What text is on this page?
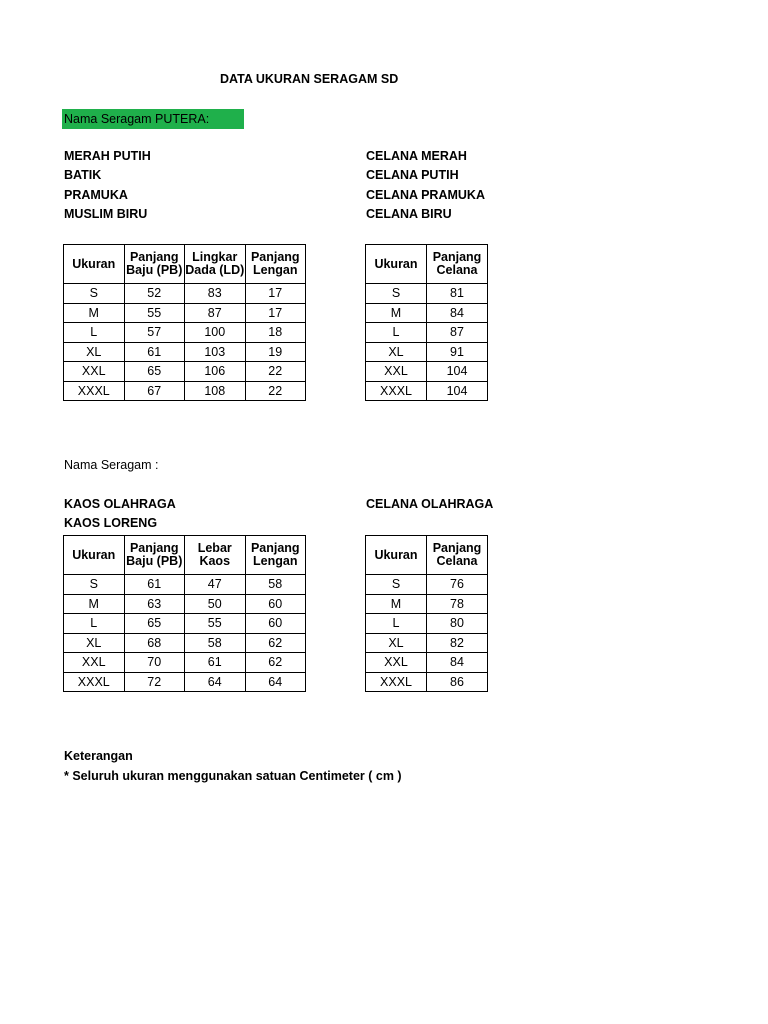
DATA UKURAN SERAGAM SD
Nama Seragam PUTERA:
MERAH PUTIH
BATIK
PRAMUKA
MUSLIM BIRU
CELANA MERAH
CELANA PUTIH
CELANA PRAMUKA
CELANA BIRU
Ukuran	Panjang Baju (PB)	Lingkar Dada (LD)	Panjang Lengan
S	52	83	17
M	55	87	17
L	57	100	18
XL	61	103	19
XXL	65	106	22
XXXL	67	108	22
Ukuran	Panjang Celana
S	81
M	84
L	87
XL	91
XXL	104
XXXL	104
Nama Seragam :
KAOS OLAHRAGA
KAOS LORENG
CELANA OLAHRAGA
Ukuran	Panjang Baju (PB)	Lebar Kaos	Panjang Lengan
S	61	47	58
M	63	50	60
L	65	55	60
XL	68	58	62
XXL	70	61	62
XXXL	72	64	64
Ukuran	Panjang Celana
S	76
M	78
L	80
XL	82
XXL	84
XXXL	86
Keterangan
* Seluruh ukuran menggunakan satuan Centimeter ( cm )
